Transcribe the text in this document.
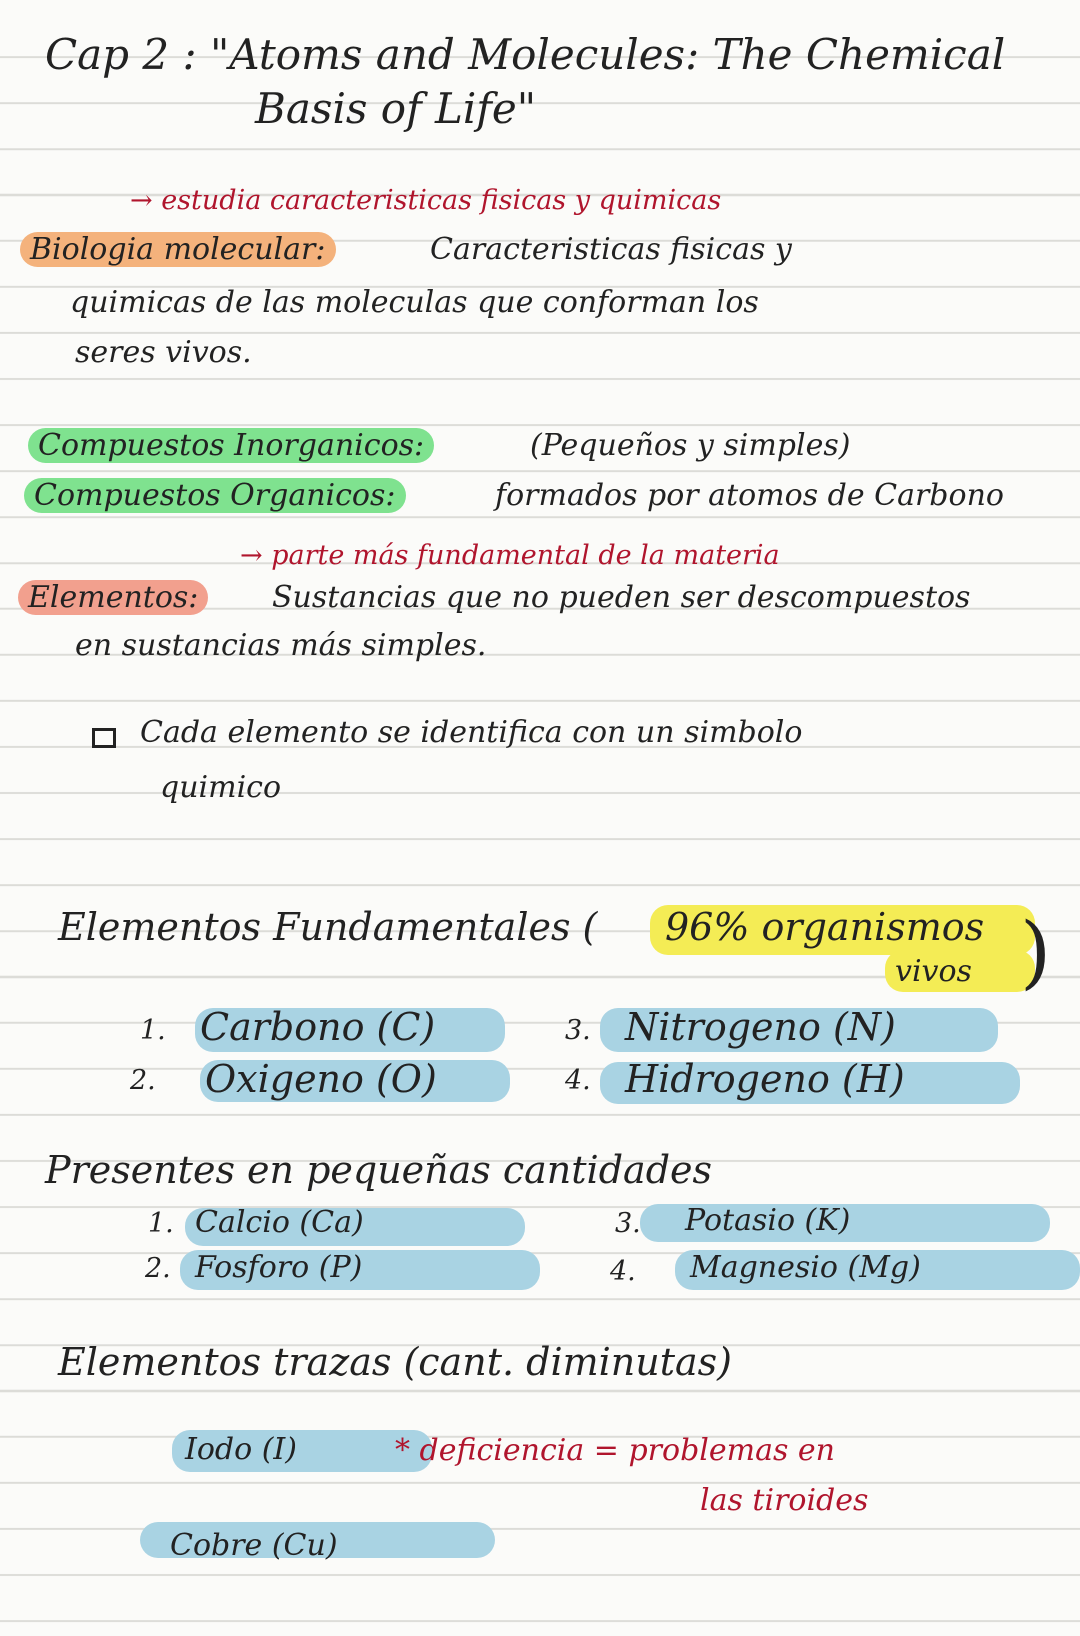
Cap 2 : "Atoms and Molecules: The Chemical
Basis of Life"
→ estudia caracteristicas fisicas y quimicas
Biologia molecular:	Caracteristicas fisicas y
quimicas de las moleculas que conforman los
seres vivos.
Compuestos Inorganicos:	(Pequeños y simples)
Compuestos Organicos:	formados por atomos de Carbono
→ parte más fundamental de la materia
Elementos:	Sustancias que no pueden ser descompuestos
en sustancias más simples.
Cada elemento se identifica con un simbolo
quimico
Elementos Fundamentales ( 96% organismos
vivos )
1. Carbono (C)
2. Oxigeno (O)
3. Nitrogeno (N)
4. Hidrogeno (H)
Presentes en pequeñas cantidades
1. Calcio (Ca)
2. Fosforo (P)
3. Potasio (K)
4. Magnesio (Mg)
Elementos trazas (cant. diminutas)
Iodo (I)	* deficiencia = problemas en
las tiroides
Cobre (Cu)
